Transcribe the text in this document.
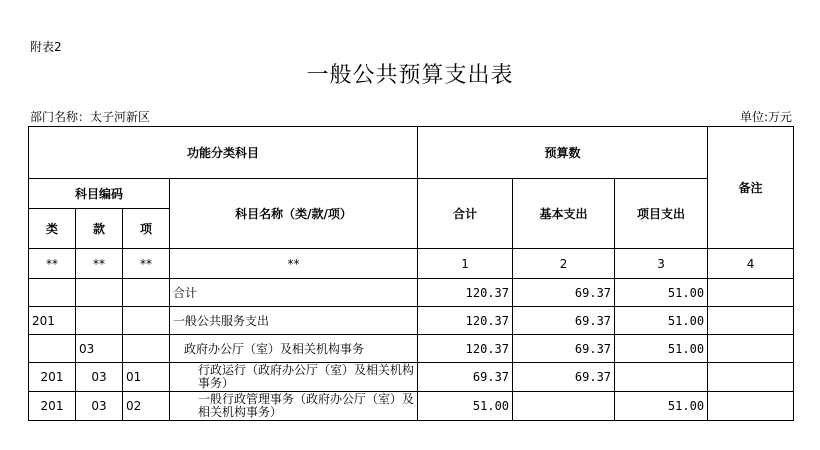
附表2
一般公共预算支出表
部门名称：太子河新区	单位:万元
功能分类科目				预算数			备注
科目编码			科目名称（类/款/项）	合计	基本支出	项目支出	
类	款	项					
**	**	**	**	1	2	3	4
			合计	120.37	69.37	51.00	
201			一般公共服务支出	120.37	69.37	51.00	
	03		政府办公厅（室）及相关机构事务	120.37	69.37	51.00	
201	03	01	行政运行（政府办公厅（室）及相关机构事务）	69.37	69.37		
201	03	02	一般行政管理事务（政府办公厅（室）及相关机构事务）	51.00		51.00	
